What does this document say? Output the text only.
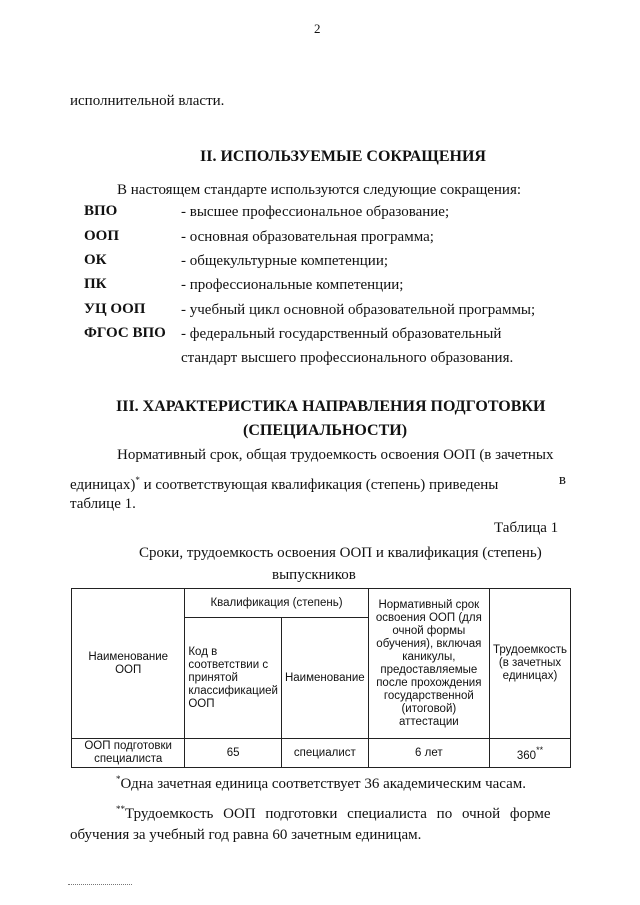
2
исполнительной власти.
II. ИСПОЛЬЗУЕМЫЕ СОКРАЩЕНИЯ
В настоящем стандарте используются следующие сокращения:
ВПО	- высшее профессиональное образование;
ООП	- основная образовательная программа;
ОК	- общекультурные компетенции;
ПК	- профессиональные компетенции;
УЦ ООП - учебный цикл основной образовательной программы;
ФГОС ВПО - федеральный государственный образовательный
стандарт высшего профессионального образования.
III. ХАРАКТЕРИСТИКА НАПРАВЛЕНИЯ ПОДГОТОВКИ
(СПЕЦИАЛЬНОСТИ)
Нормативный срок, общая трудоемкость освоения ООП (в зачетных
единицах)* и соответствующая квалификация (степень) приведены	в
таблице 1.
Таблица 1
Сроки, трудоемкость освоения ООП и квалификация (степень)
выпускников
Наименование ООП	Квалификация (степень)		Нормативный срок освоения ООП (для очной формы обучения), включая каникулы, предоставляемые после прохождения государственной (итоговой) аттестации	Трудоемкость (в зачетных единицах)
	Код в соответствии с принятой классификацией ООП	Наименование		
ООП подготовки специалиста	65	специалист	6 лет	360**
*Одна зачетная единица соответствует 36 академическим часам.
**Трудоемкость ООП подготовки специалиста по очной форме
обучения за учебный год равна 60 зачетным единицам.
